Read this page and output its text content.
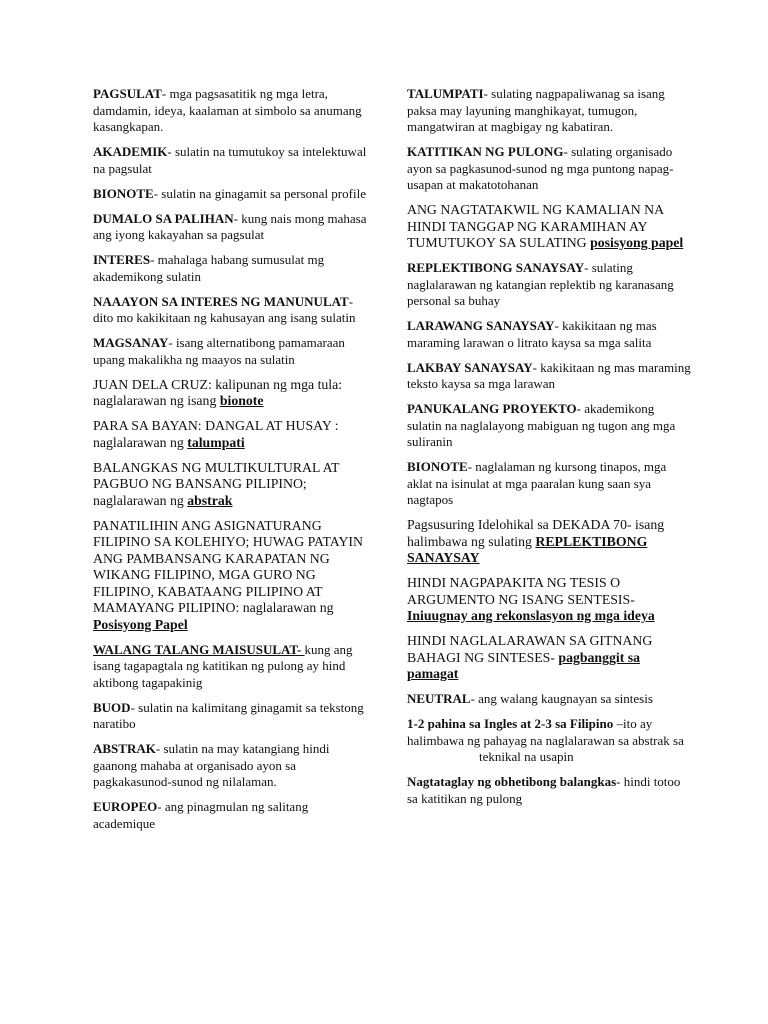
PAGSULAT- mga pagsasatitik ng mga letra, damdamin, ideya, kaalaman at simbolo sa anumang kasangkapan.

AKADEMIK- sulatin na tumutukoy sa intelektuwal na pagsulat

BIONOTE- sulatin na ginagamit sa personal profile

DUMALO SA PALIHAN- kung nais mong mahasa ang iyong kakayahan sa pagsulat

INTERES- mahalaga habang sumusulat mg akademikong sulatin

NAAAYON SA INTERES NG MANUNULAT- dito mo kakikitaan ng kahusayan ang isang sulatin

MAGSANAY- isang alternatibong pamamaraan upang makalikha ng maayos na sulatin

JUAN DELA CRUZ: kalipunan ng mga tula: naglalarawan ng isang bionote

PARA SA BAYAN: DANGAL AT HUSAY : naglalarawan ng talumpati

BALANGKAS NG MULTIKULTURAL AT PAGBUO NG BANSANG PILIPINO; naglalarawan ng abstrak

PANATILIHIN ANG ASIGNATURANG FILIPINO SA KOLEHIYO; HUWAG PATAYIN ANG PAMBANSANG KARAPATAN NG WIKANG FILIPINO, MGA GURO NG FILIPINO, KABATAANG PILIPINO AT MAMAYANG PILIPINO: naglalarawan ng Posisyong Papel

WALANG TALANG MAISUSULAT- kung ang isang tagapagtala ng katitikan ng pulong ay hind aktibong tagapakinig

BUOD- sulatin na kalimitang ginagamit sa tekstong naratibo

ABSTRAK- sulatin na may katangiang hindi gaanong mahaba at organisado ayon sa pagkakasunod-sunod ng nilalaman.

EUROPEO- ang pinagmulan ng salitang academique

TALUMPATI- sulating nagpapaliwanag sa isang paksa may layuning manghikayat, tumugon, mangatwiran at magbigay ng kabatiran.

KATITIKAN NG PULONG- sulating organisado ayon sa pagkasunod-sunod ng mga puntong napag-usapan at makatotohanan

ANG NAGTATAKWIL NG KAMALIAN NA HINDI TANGGAP NG KARAMIHAN AY TUMUTUKOY SA SULATING posisyong papel

REPLEKTIBONG SANAYSAY- sulating naglalarawan ng katangian replektib ng karanasang personal sa buhay

LARAWANG SANAYSAY- kakikitaan ng mas maraming larawan o litrato kaysa sa mga salita

LAKBAY SANAYSAY- kakikitaan ng mas maraming teksto kaysa sa mga larawan

PANUKALANG PROYEKTO- akademikong sulatin na naglalayong mabiguan ng tugon ang mga suliranin

BIONOTE- naglalaman ng kursong tinapos, mga aklat na isinulat at mga paaralan kung saan sya nagtapos

Pagsusuring Idelohikal sa DEKADA 70- isang halimbawa ng sulating REPLEKTIBONG SANAYSAY

HINDI NAGPAPAKITA NG TESIS O ARGUMENTO NG ISANG SENTESIS- Iniuugnay ang rekonslasyon ng mga ideya

HINDI NAGLALARAWAN SA GITNANG BAHAGI NG SINTESES- pagbanggit sa pamagat

NEUTRAL- ang walang kaugnayan sa sintesis

1-2 pahina sa Ingles at 2-3 sa Filipino –ito ay halimbawa ng pahayag na naglalarawan sa abstrak sa
teknikal na usapin

Nagtataglay ng obhetibong balangkas- hindi totoo sa katitikan ng pulong
